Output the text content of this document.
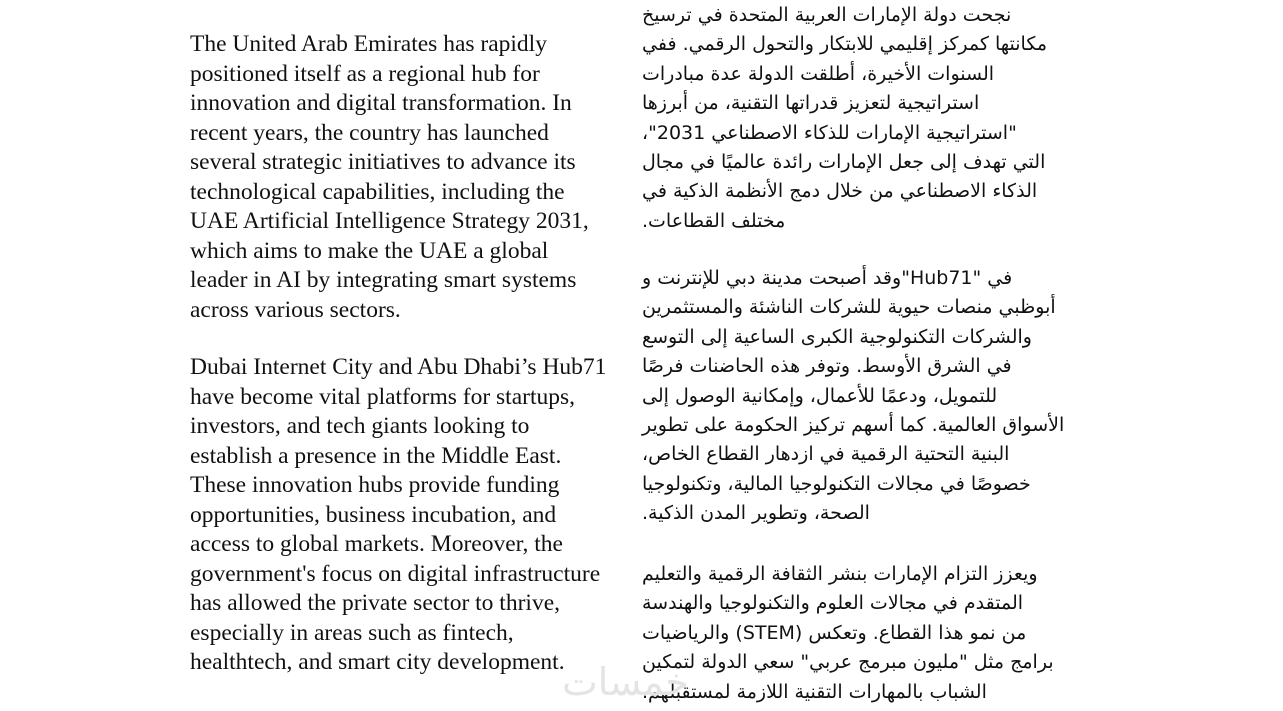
The United Arab Emirates has rapidly
positioned itself as a regional hub for
innovation and digital transformation. In
recent years, the country has launched
several strategic initiatives to advance its
technological capabilities, including the
UAE Artificial Intelligence Strategy 2031,
which aims to make the UAE a global
leader in AI by integrating smart systems
across various sectors.
Dubai Internet City and Abu Dhabi’s Hub71
have become vital platforms for startups,
investors, and tech giants looking to
establish a presence in the Middle East.
These innovation hubs provide funding
opportunities, business incubation, and
access to global markets. Moreover, the
government's focus on digital infrastructure
has allowed the private sector to thrive,
especially in areas such as fintech,
healthtech, and smart city development.
نجحت دولة الإمارات العربية المتحدة في ترسيخ
مكانتها كمركز إقليمي للابتكار والتحول الرقمي. ففي
السنوات الأخيرة، أطلقت الدولة عدة مبادرات
استراتيجية لتعزيز قدراتها التقنية، من أبرزها
"استراتيجية الإمارات للذكاء الاصطناعي 2031"،
التي تهدف إلى جعل الإمارات رائدة عالميًا في مجال
الذكاء الاصطناعي من خلال دمج الأنظمة الذكية في
مختلف القطاعات.
في "Hub71"وقد أصبحت مدينة دبي للإنترنت و
أبوظبي منصات حيوية للشركات الناشئة والمستثمرين
والشركات التكنولوجية الكبرى الساعية إلى التوسع
في الشرق الأوسط. وتوفر هذه الحاضنات فرصًا
للتمويل، ودعمًا للأعمال، وإمكانية الوصول إلى
الأسواق العالمية. كما أسهم تركيز الحكومة على تطوير
البنية التحتية الرقمية في ازدهار القطاع الخاص،
خصوصًا في مجالات التكنولوجيا المالية، وتكنولوجيا
الصحة، وتطوير المدن الذكية.
ويعزز التزام الإمارات بنشر الثقافة الرقمية والتعليم
المتقدم في مجالات العلوم والتكنولوجيا والهندسة
من نمو هذا القطاع. وتعكس (STEM) والرياضيات
برامج مثل "مليون مبرمج عربي" سعي الدولة لتمكين
الشباب بالمهارات التقنية اللازمة لمستقبلهم.
خمسات
